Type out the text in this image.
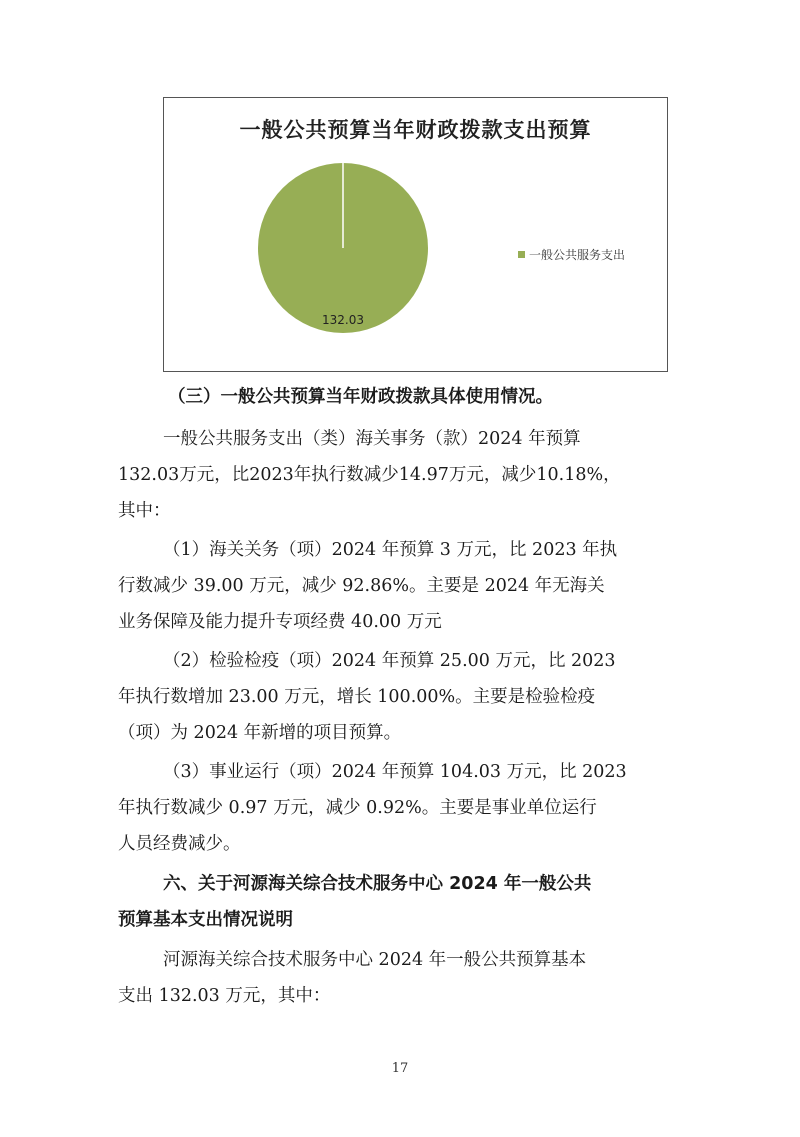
一般公共预算当年财政拨款支出预算
132.03
一般公共服务支出
（三）一般公共预算当年财政拨款具体使用情况。
一般公共服务支出（类）海关事务（款）2024 年预算
132.03万元，比2023年执行数减少14.97万元，减少10.18%，
其中：
（1）海关关务（项）2024 年预算 3 万元，比 2023 年执
行数减少 39.00 万元，减少 92.86%。主要是 2024 年无海关
业务保障及能力提升专项经费 40.00 万元
（2）检验检疫（项）2024 年预算 25.00 万元，比 2023
年执行数增加 23.00 万元，增长 100.00%。主要是检验检疫
（项）为 2024 年新增的项目预算。
（3）事业运行（项）2024 年预算 104.03 万元，比 2023
年执行数减少 0.97 万元，减少 0.92%。主要是事业单位运行
人员经费减少。
六、关于河源海关综合技术服务中心 2024 年一般公共
预算基本支出情况说明
河源海关综合技术服务中心 2024 年一般公共预算基本
支出 132.03 万元，其中：
17
